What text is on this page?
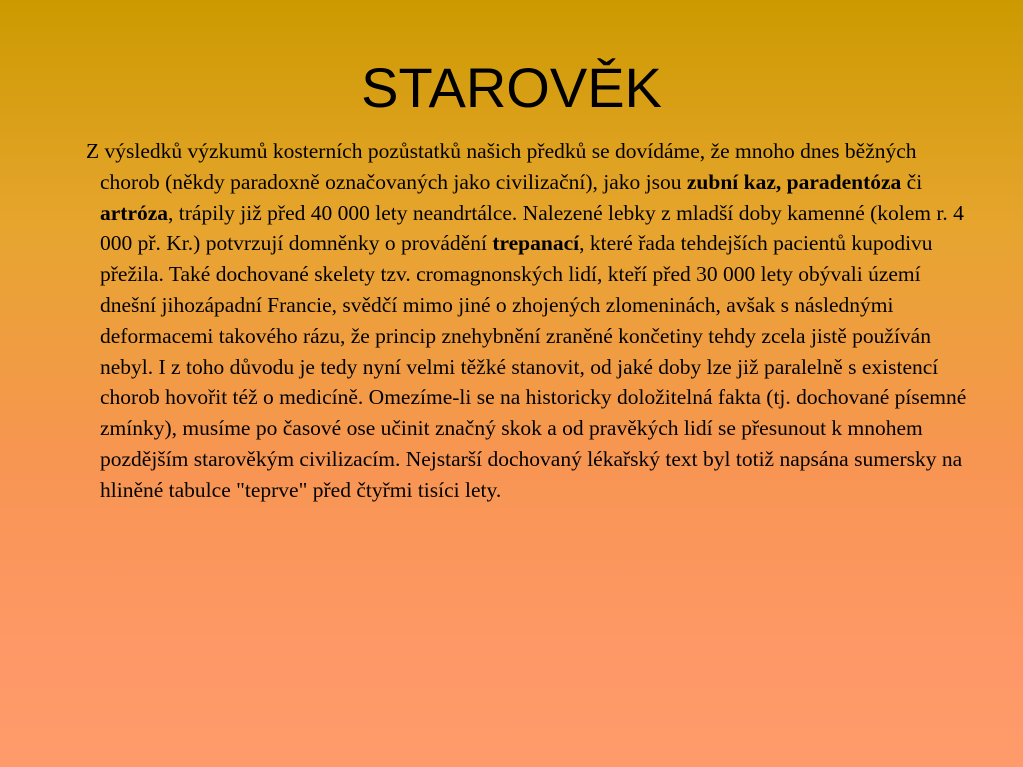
STAROVĚK

Z výsledků výzkumů kosterních pozůstatků našich předků se dovídáme, že mnoho dnes běžných chorob (někdy paradoxně označovaných jako civilizační), jako jsou zubní kaz, paradentóza či artróza, trápily již před 40 000 lety neandrtálce. Nalezené lebky z mladší doby kamenné (kolem r. 4 000 př. Kr.) potvrzují domněnky o provádění trepanací, které řada tehdejších pacientů kupodivu přežila. Také dochované skelety tzv. cromagnonských lidí, kteří před 30 000 lety obývali území dnešní jihozápadní Francie, svědčí mimo jiné o zhojených zlomeninách, avšak s následnými deformacemi takového rázu, že princip znehybnění zraněné končetiny tehdy zcela jistě používán nebyl. I z toho důvodu je tedy nyní velmi těžké stanovit, od jaké doby lze již paralelně s existencí chorob hovořit též o medicíně. Omezíme-li se na historicky doložitelná fakta (tj. dochované písemné zmínky), musíme po časové ose učinit značný skok a od pravěkých lidí se přesunout k mnohem pozdějším starověkým civilizacím. Nejstarší dochovaný lékařský text byl totiž napsána sumersky na hliněné tabulce "teprve" před čtyřmi tisíci lety.
